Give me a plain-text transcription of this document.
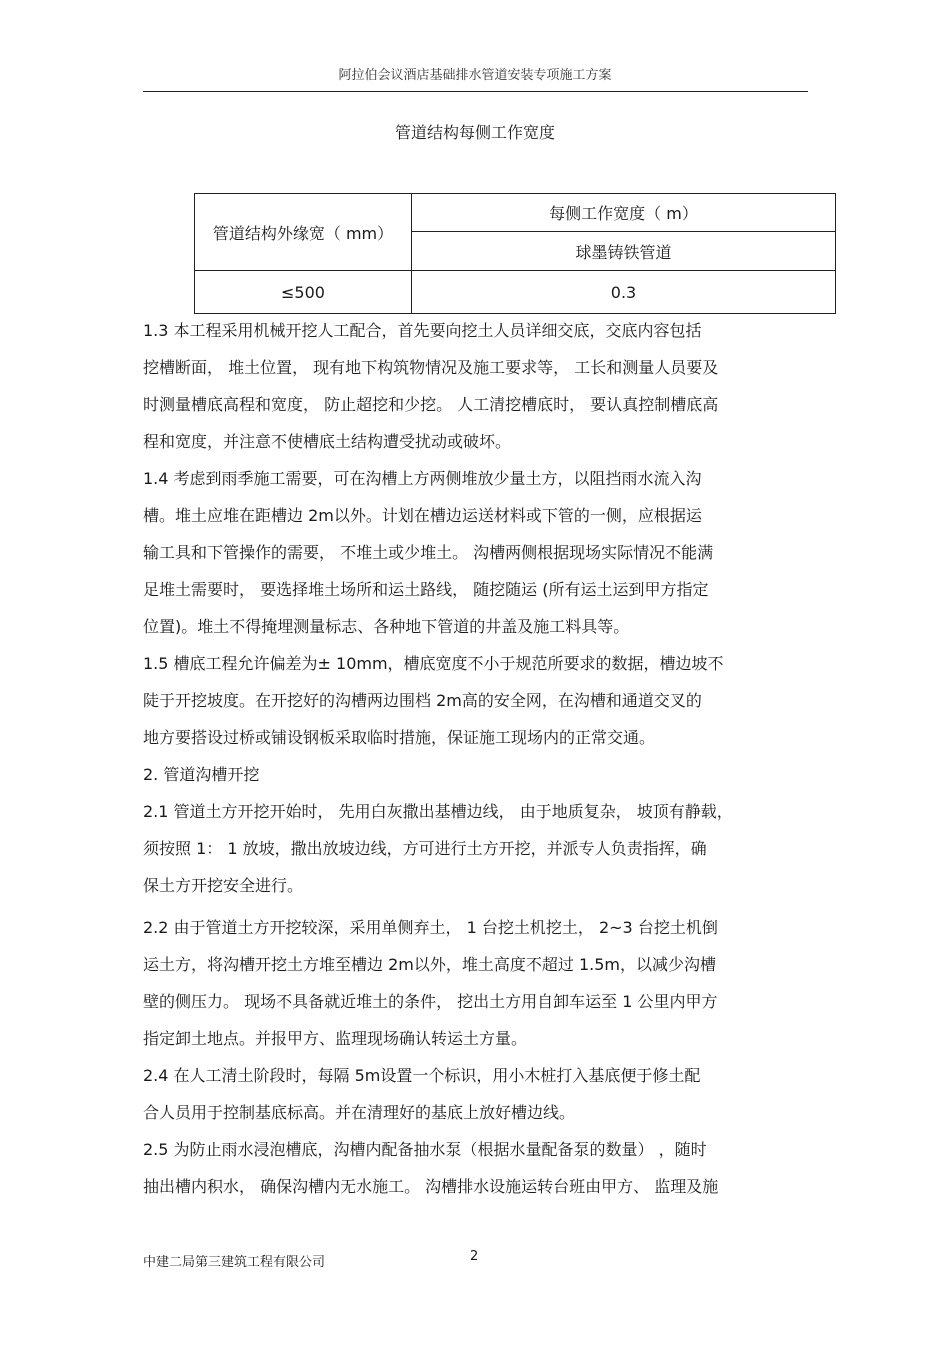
阿拉伯会议酒店基础排水管道安装专项施工方案
管道结构每侧工作宽度
管道结构外缘宽（ mm）	每侧工作宽度（ m）
	球墨铸铁管道
≤500	0.3

1.3 本工程采用机械开挖人工配合，首先要向挖土人员详细交底，交底内容包括

挖槽断面， 堆土位置， 现有地下构筑物情况及施工要求等， 工长和测量人员要及

时测量槽底高程和宽度， 防止超挖和少挖。 人工清挖槽底时， 要认真控制槽底高

程和宽度，并注意不使槽底土结构遭受扰动或破坏。

1.4 考虑到雨季施工需要，可在沟槽上方两侧堆放少量土方，以阻挡雨水流入沟

槽。堆土应堆在距槽边 2m以外。计划在槽边运送材料或下管的一侧，应根据运

输工具和下管操作的需要， 不堆土或少堆土。 沟槽两侧根据现场实际情况不能满

足堆土需要时， 要选择堆土场所和运土路线， 随挖随运 (所有运土运到甲方指定

位置)。堆土不得掩埋测量标志、各种地下管道的井盖及施工料具等。

1.5 槽底工程允许偏差为± 10mm，槽底宽度不小于规范所要求的数据，槽边坡不

陡于开挖坡度。在开挖好的沟槽两边围档 2m高的安全网，在沟槽和通道交叉的

地方要搭设过桥或铺设钢板采取临时措施，保证施工现场内的正常交通。

2. 管道沟槽开挖

2.1 管道土方开挖开始时， 先用白灰撒出基槽边线， 由于地质复杂， 坡顶有静载，

须按照 1： 1 放坡，撒出放坡边线，方可进行土方开挖，并派专人负责指挥，确

保土方开挖安全进行。

2.2 由于管道土方开挖较深，采用单侧弃土， 1 台挖土机挖土， 2~3 台挖土机倒

运土方，将沟槽开挖土方堆至槽边 2m以外，堆土高度不超过 1.5m，以减少沟槽

壁的侧压力。 现场不具备就近堆土的条件， 挖出土方用自卸车运至 1 公里内甲方

指定卸土地点。并报甲方、监理现场确认转运土方量。

2.4 在人工清土阶段时，每隔 5m设置一个标识，用小木桩打入基底便于修土配

合人员用于控制基底标高。并在清理好的基底上放好槽边线。

2.5 为防止雨水浸泡槽底，沟槽内配备抽水泵（根据水量配备泵的数量） ，随时

抽出槽内积水， 确保沟槽内无水施工。 沟槽排水设施运转台班由甲方、 监理及施

中建二局第三建筑工程有限公司	2
